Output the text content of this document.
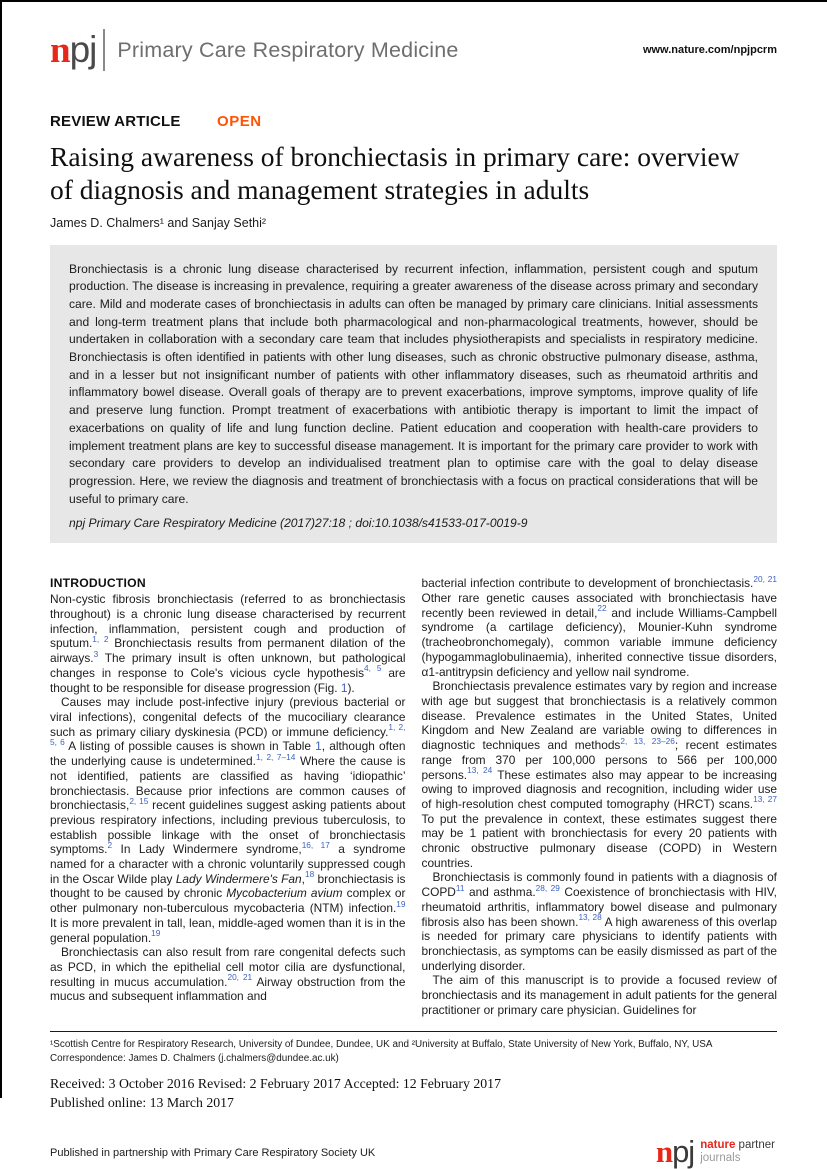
npj Primary Care Respiratory Medicine	www.nature.com/npjpcrm
REVIEW ARTICLE OPEN
Raising awareness of bronchiectasis in primary care: overview
of diagnosis and management strategies in adults
James D. Chalmers¹ and Sanjay Sethi²

Bronchiectasis is a chronic lung disease characterised by recurrent infection, inflammation, persistent cough and sputum production. The disease is increasing in prevalence, requiring a greater awareness of the disease across primary and secondary care. Mild and moderate cases of bronchiectasis in adults can often be managed by primary care clinicians. Initial assessments and long-term treatment plans that include both pharmacological and non-pharmacological treatments, however, should be undertaken in collaboration with a secondary care team that includes physiotherapists and specialists in respiratory medicine. Bronchiectasis is often identified in patients with other lung diseases, such as chronic obstructive pulmonary disease, asthma, and in a lesser but not insignificant number of patients with other inflammatory diseases, such as rheumatoid arthritis and inflammatory bowel disease. Overall goals of therapy are to prevent exacerbations, improve symptoms, improve quality of life and preserve lung function. Prompt treatment of exacerbations with antibiotic therapy is important to limit the impact of exacerbations on quality of life and lung function decline. Patient education and cooperation with health-care providers to implement treatment plans are key to successful disease management. It is important for the primary care provider to work with secondary care providers to develop an individualised treatment plan to optimise care with the goal to delay disease progression. Here, we review the diagnosis and treatment of bronchiectasis with a focus on practical considerations that will be useful to primary care.

npj Primary Care Respiratory Medicine (2017)27:18 ; doi:10.1038/s41533-017-0019-9

INTRODUCTION

Non-cystic fibrosis bronchiectasis (referred to as bronchiectasis throughout) is a chronic lung disease characterised by recurrent infection, inflammation, persistent cough and production of sputum.$^{1, 2}$ Bronchiectasis results from permanent dilation of the airways.$^3$ The primary insult is often unknown, but pathological changes in response to Cole's vicious cycle hypothesis$^{4, 5}$ are thought to be responsible for disease progression (Fig. 1).

Causes may include post-infective injury (previous bacterial or viral infections), congenital defects of the mucociliary clearance such as primary ciliary dyskinesia (PCD) or immune deficiency.$^{1, 2, 5, 6}$ A listing of possible causes is shown in Table 1, although often the underlying cause is undetermined.$^{1, 2, 7-14}$ Where the cause is not identified, patients are classified as having ‘idiopathic’ bronchiectasis. Because prior infections are common causes of bronchiectasis,$^{2, 15}$ recent guidelines suggest asking patients about previous respiratory infections, including previous tuberculosis, to establish possible linkage with the onset of bronchiectasis symptoms.$^2$ In Lady Windermere syndrome,$^{16, 17}$ a syndrome named for a character with a chronic voluntarily suppressed cough in the Oscar Wilde play Lady Windermere's Fan,$^{18}$ bronchiectasis is thought to be caused by chronic Mycobacterium avium complex or other pulmonary non-tuberculous mycobacteria (NTM) infection.$^{19}$ It is more prevalent in tall, lean, middle-aged women than it is in the general population.$^{19}$

Bronchiectasis can also result from rare congenital defects such as PCD, in which the epithelial cell motor cilia are dysfunctional, resulting in mucus accumulation.$^{20, 21}$ Airway obstruction from the mucus and subsequent inflammation and

bacterial infection contribute to development of bronchiectasis.$^{20, 21}$ Other rare genetic causes associated with bronchiectasis have recently been reviewed in detail,$^{22}$ and include Williams-Campbell syndrome (a cartilage deficiency), Mounier-Kuhn syndrome (tracheobronchomegaly), common variable immune deficiency (hypogammaglobulinaemia), inherited connective tissue disorders, α1-antitrypsin deficiency and yellow nail syndrome.

Bronchiectasis prevalence estimates vary by region and increase with age but suggest that bronchiectasis is a relatively common disease. Prevalence estimates in the United States, United Kingdom and New Zealand are variable owing to differences in diagnostic techniques and methods$^{2, 13, 23-26}$; recent estimates range from 370 per 100,000 persons to 566 per 100,000 persons.$^{13, 24}$ These estimates also may appear to be increasing owing to improved diagnosis and recognition, including wider use of high-resolution chest computed tomography (HRCT) scans.$^{13, 27}$ To put the prevalence in context, these estimates suggest there may be 1 patient with bronchiectasis for every 20 patients with chronic obstructive pulmonary disease (COPD) in Western countries.

Bronchiectasis is commonly found in patients with a diagnosis of COPD$^{11}$ and asthma.$^{28, 29}$ Coexistence of bronchiectasis with HIV, rheumatoid arthritis, inflammatory bowel disease and pulmonary fibrosis also has been shown.$^{13, 28}$ A high awareness of this overlap is needed for primary care physicians to identify patients with bronchiectasis, as symptoms can be easily dismissed as part of the underlying disorder.

The aim of this manuscript is to provide a focused review of bronchiectasis and its management in adult patients for the general practitioner or primary care physician. Guidelines for

¹Scottish Centre for Respiratory Research, University of Dundee, Dundee, UK and ²University at Buffalo, State University of New York, Buffalo, NY, USA

Correspondence: James D. Chalmers (j.chalmers@dundee.ac.uk)

Received: 3 October 2016 Revised: 2 February 2017 Accepted: 12 February 2017

Published online: 13 March 2017

Published in partnership with Primary Care Respiratory Society UK	npj nature partner
journals
